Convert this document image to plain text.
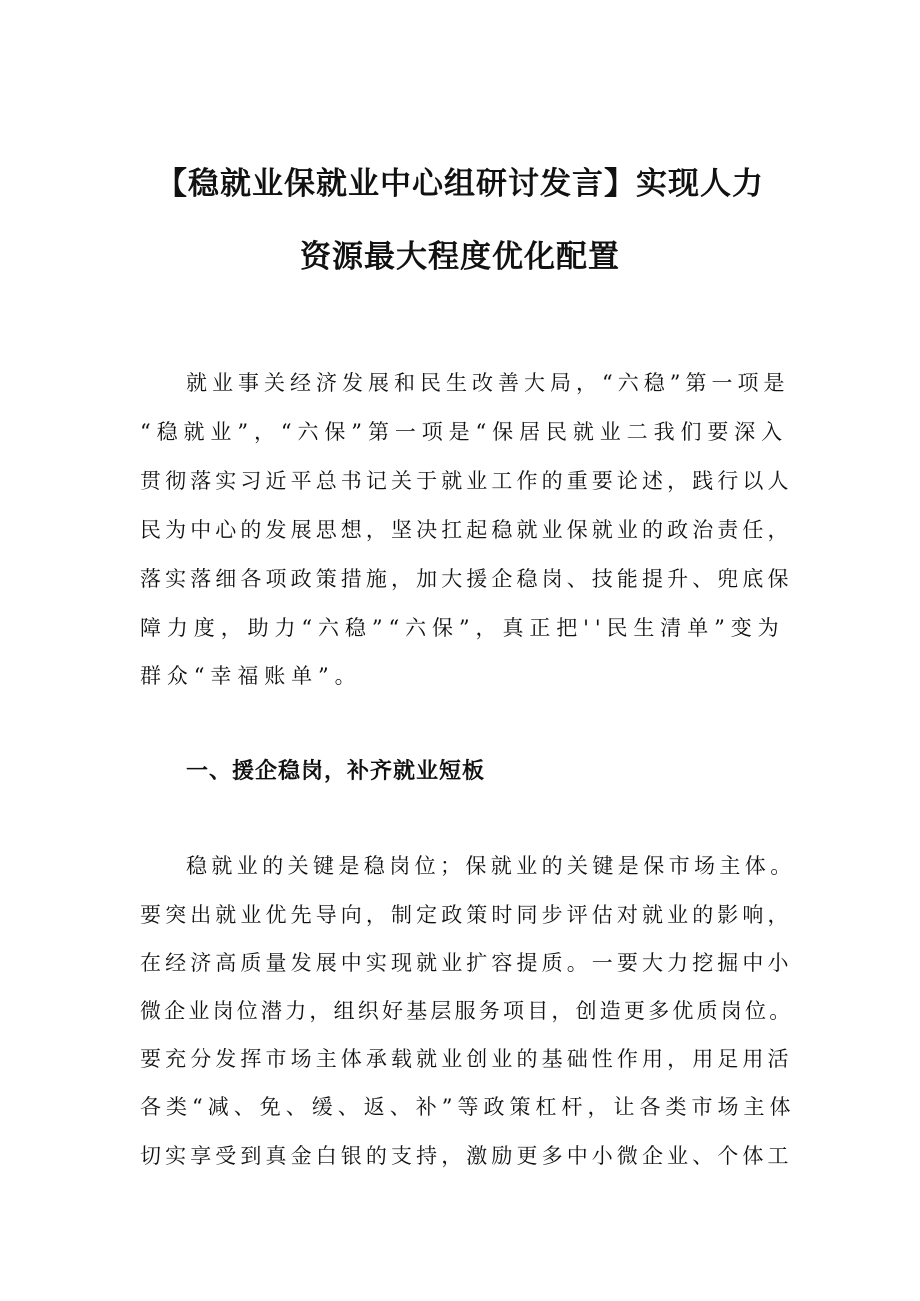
【稳就业保就业中心组研讨发言】实现人力
资源最大程度优化配置

就业事关经济发展和民生改善大局，“六稳”第一项是

“稳就业”，“六保”第一项是“保居民就业二我们要深入

贯彻落实习近平总书记关于就业工作的重要论述，践行以人

民为中心的发展思想，坚决扛起稳就业保就业的政治责任，

落实落细各项政策措施，加大援企稳岗、技能提升、兜底保

障力度，助力“六稳”“六保”，真正把''民生清单”变为

群众“幸福账单”。

一、援企稳岗，补齐就业短板

稳就业的关键是稳岗位；保就业的关键是保市场主体。

要突出就业优先导向，制定政策时同步评估对就业的影响，

在经济高质量发展中实现就业扩容提质。一要大力挖掘中小

微企业岗位潜力，组织好基层服务项目，创造更多优质岗位。

要充分发挥市场主体承载就业创业的基础性作用，用足用活

各类“减、免、缓、返、补”等政策杠杆，让各类市场主体

切实享受到真金白银的支持，激励更多中小微企业、个体工
